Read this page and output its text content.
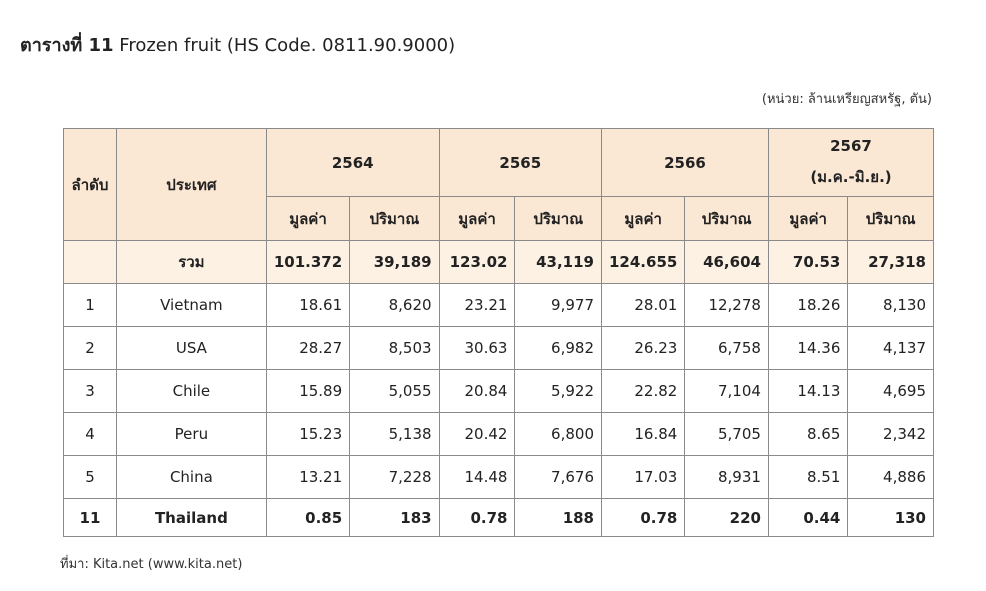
ตารางที่ 11 Frozen fruit (HS Code. 0811.90.9000)
(หน่วย: ล้านเหรียญสหรัฐ, ตัน)
ลำดับ	ประเทศ	2564		2565		2566		2567
(ม.ค.-มิ.ย.)	

		มูลค่า	ปริมาณ	มูลค่า	ปริมาณ	มูลค่า	ปริมาณ	มูลค่า	ปริมาณ
	รวม	101.372	39,189	123.02	43,119	124.655	46,604	70.53	27,318
1	Vietnam	18.61	8,620	23.21	9,977	28.01	12,278	18.26	8,130
2	USA	28.27	8,503	30.63	6,982	26.23	6,758	14.36	4,137
3	Chile	15.89	5,055	20.84	5,922	22.82	7,104	14.13	4,695
4	Peru	15.23	5,138	20.42	6,800	16.84	5,705	8.65	2,342
5	China	13.21	7,228	14.48	7,676	17.03	8,931	8.51	4,886
11	Thailand	0.85	183	0.78	188	0.78	220	0.44	130
ที่มา: Kita.net (www.kita.net)
